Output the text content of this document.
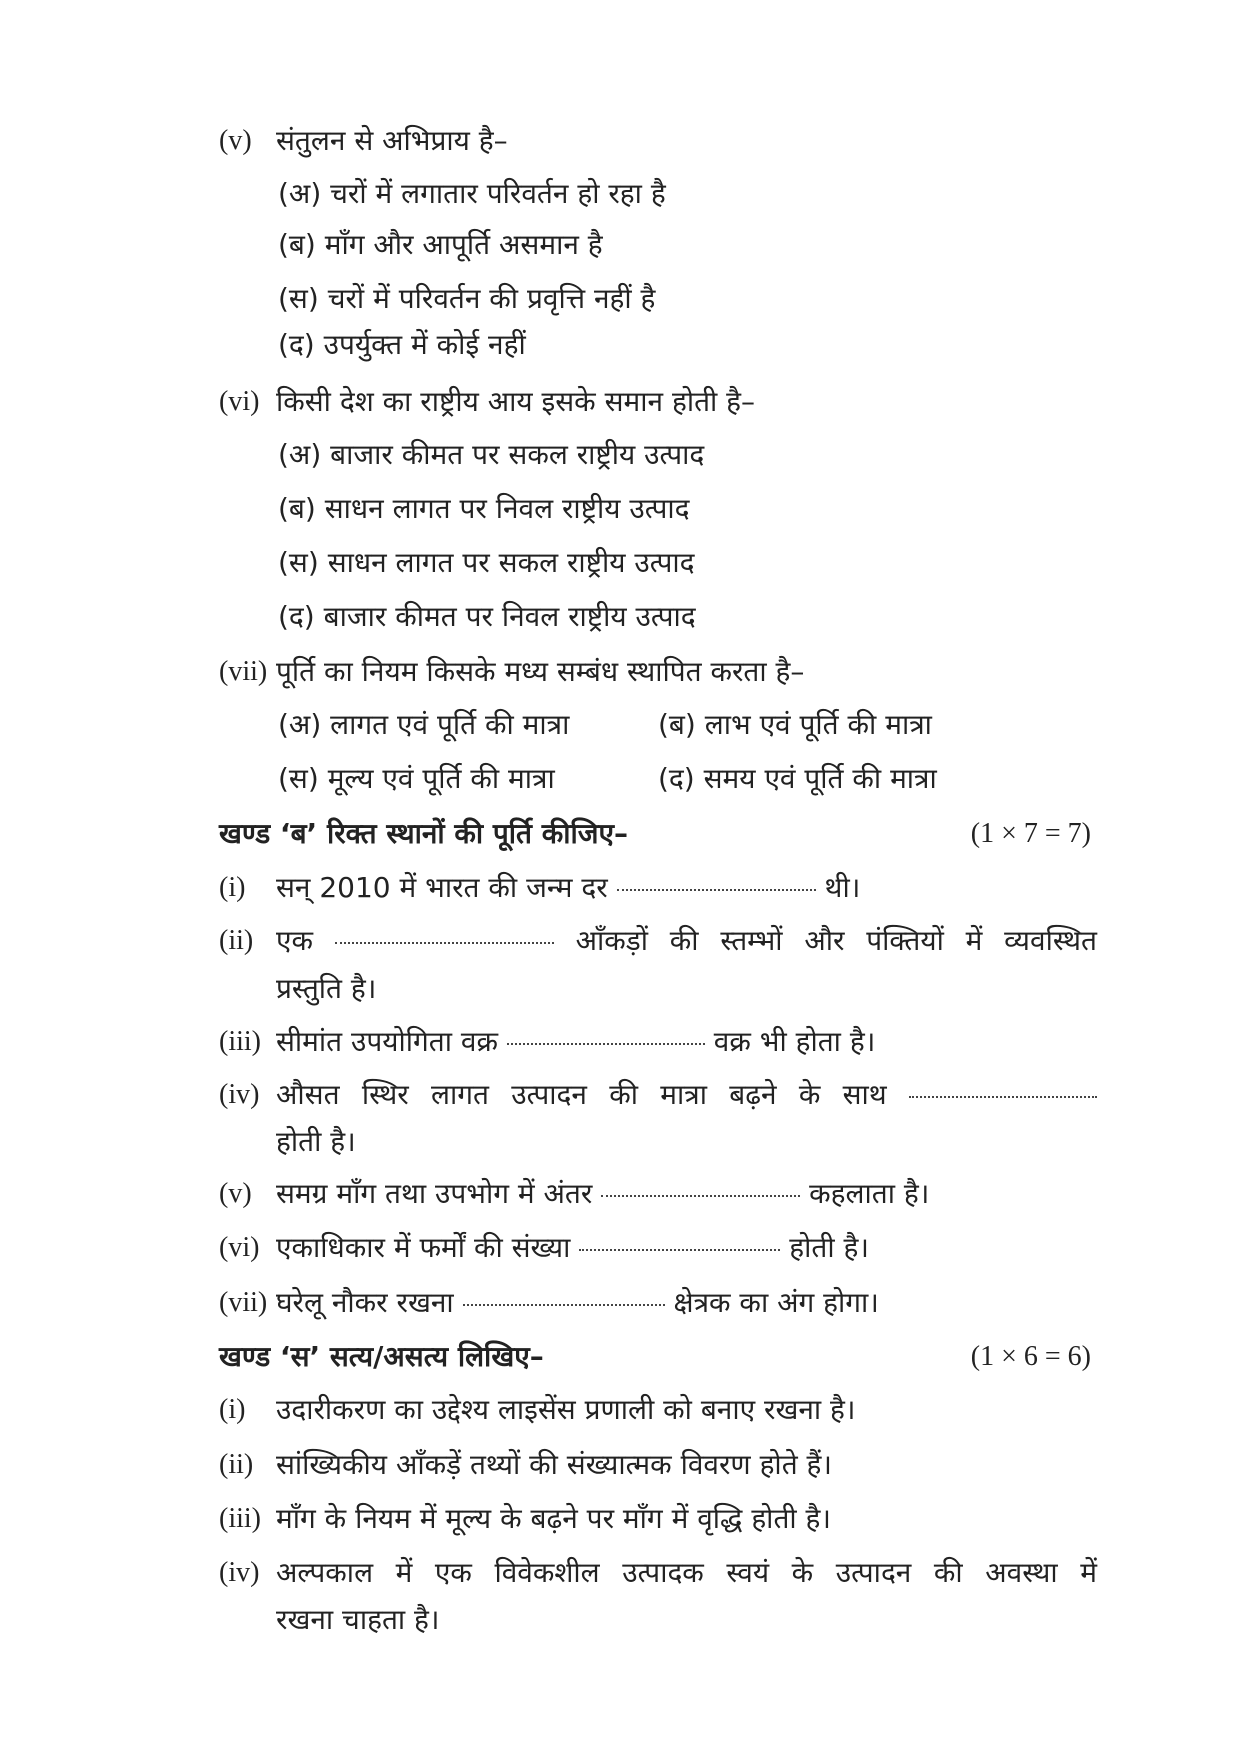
(v) संतुलन से अभिप्राय है–
(अ) चरों में लगातार परिवर्तन हो रहा है
(ब) माँग और आपूर्ति असमान है
(स) चरों में परिवर्तन की प्रवृत्ति नहीं है
(द) उपर्युक्त में कोई नहीं
(vi) किसी देश का राष्ट्रीय आय इसके समान होती है–
(अ) बाजार कीमत पर सकल राष्ट्रीय उत्पाद
(ब) साधन लागत पर निवल राष्ट्रीय उत्पाद
(स) साधन लागत पर सकल राष्ट्रीय उत्पाद
(द) बाजार कीमत पर निवल राष्ट्रीय उत्पाद
(vii) पूर्ति का नियम किसके मध्य सम्बंध स्थापित करता है–
(अ) लागत एवं पूर्ति की मात्रा	(ब) लाभ एवं पूर्ति की मात्रा
(स) मूल्य एवं पूर्ति की मात्रा	(द) समय एवं पूर्ति की मात्रा
खण्ड ‘ब’ रिक्त स्थानों की पूर्ति कीजिए–	(1 × 7 = 7)
(i) सन् 2010 में भारत की जन्म दर	थी।
(ii) एक	आँकड़ों की स्तम्भों और पंक्तियों में व्यवस्थित
प्रस्तुति है।
(iii) सीमांत उपयोगिता वक्र	वक्र भी होता है।
(iv) औसत स्थिर लागत उत्पादन की मात्रा बढ़ने के साथ
होती है।
(v) समग्र माँग तथा उपभोग में अंतर	कहलाता है।
(vi) एकाधिकार में फर्मों की संख्या	होती है।
(vii) घरेलू नौकर रखना	क्षेत्रक का अंग होगा।
खण्ड ‘स’ सत्य/असत्य लिखिए–	(1 × 6 = 6)
(i) उदारीकरण का उद्देश्य लाइसेंस प्रणाली को बनाए रखना है।
(ii) सांख्यिकीय आँकड़ें तथ्यों की संख्यात्मक विवरण होते हैं।
(iii) माँग के नियम में मूल्य के बढ़ने पर माँग में वृद्धि होती है।
(iv) अल्पकाल में एक विवेकशील उत्पादक स्वयं के उत्पादन की अवस्था में
रखना चाहता है।
